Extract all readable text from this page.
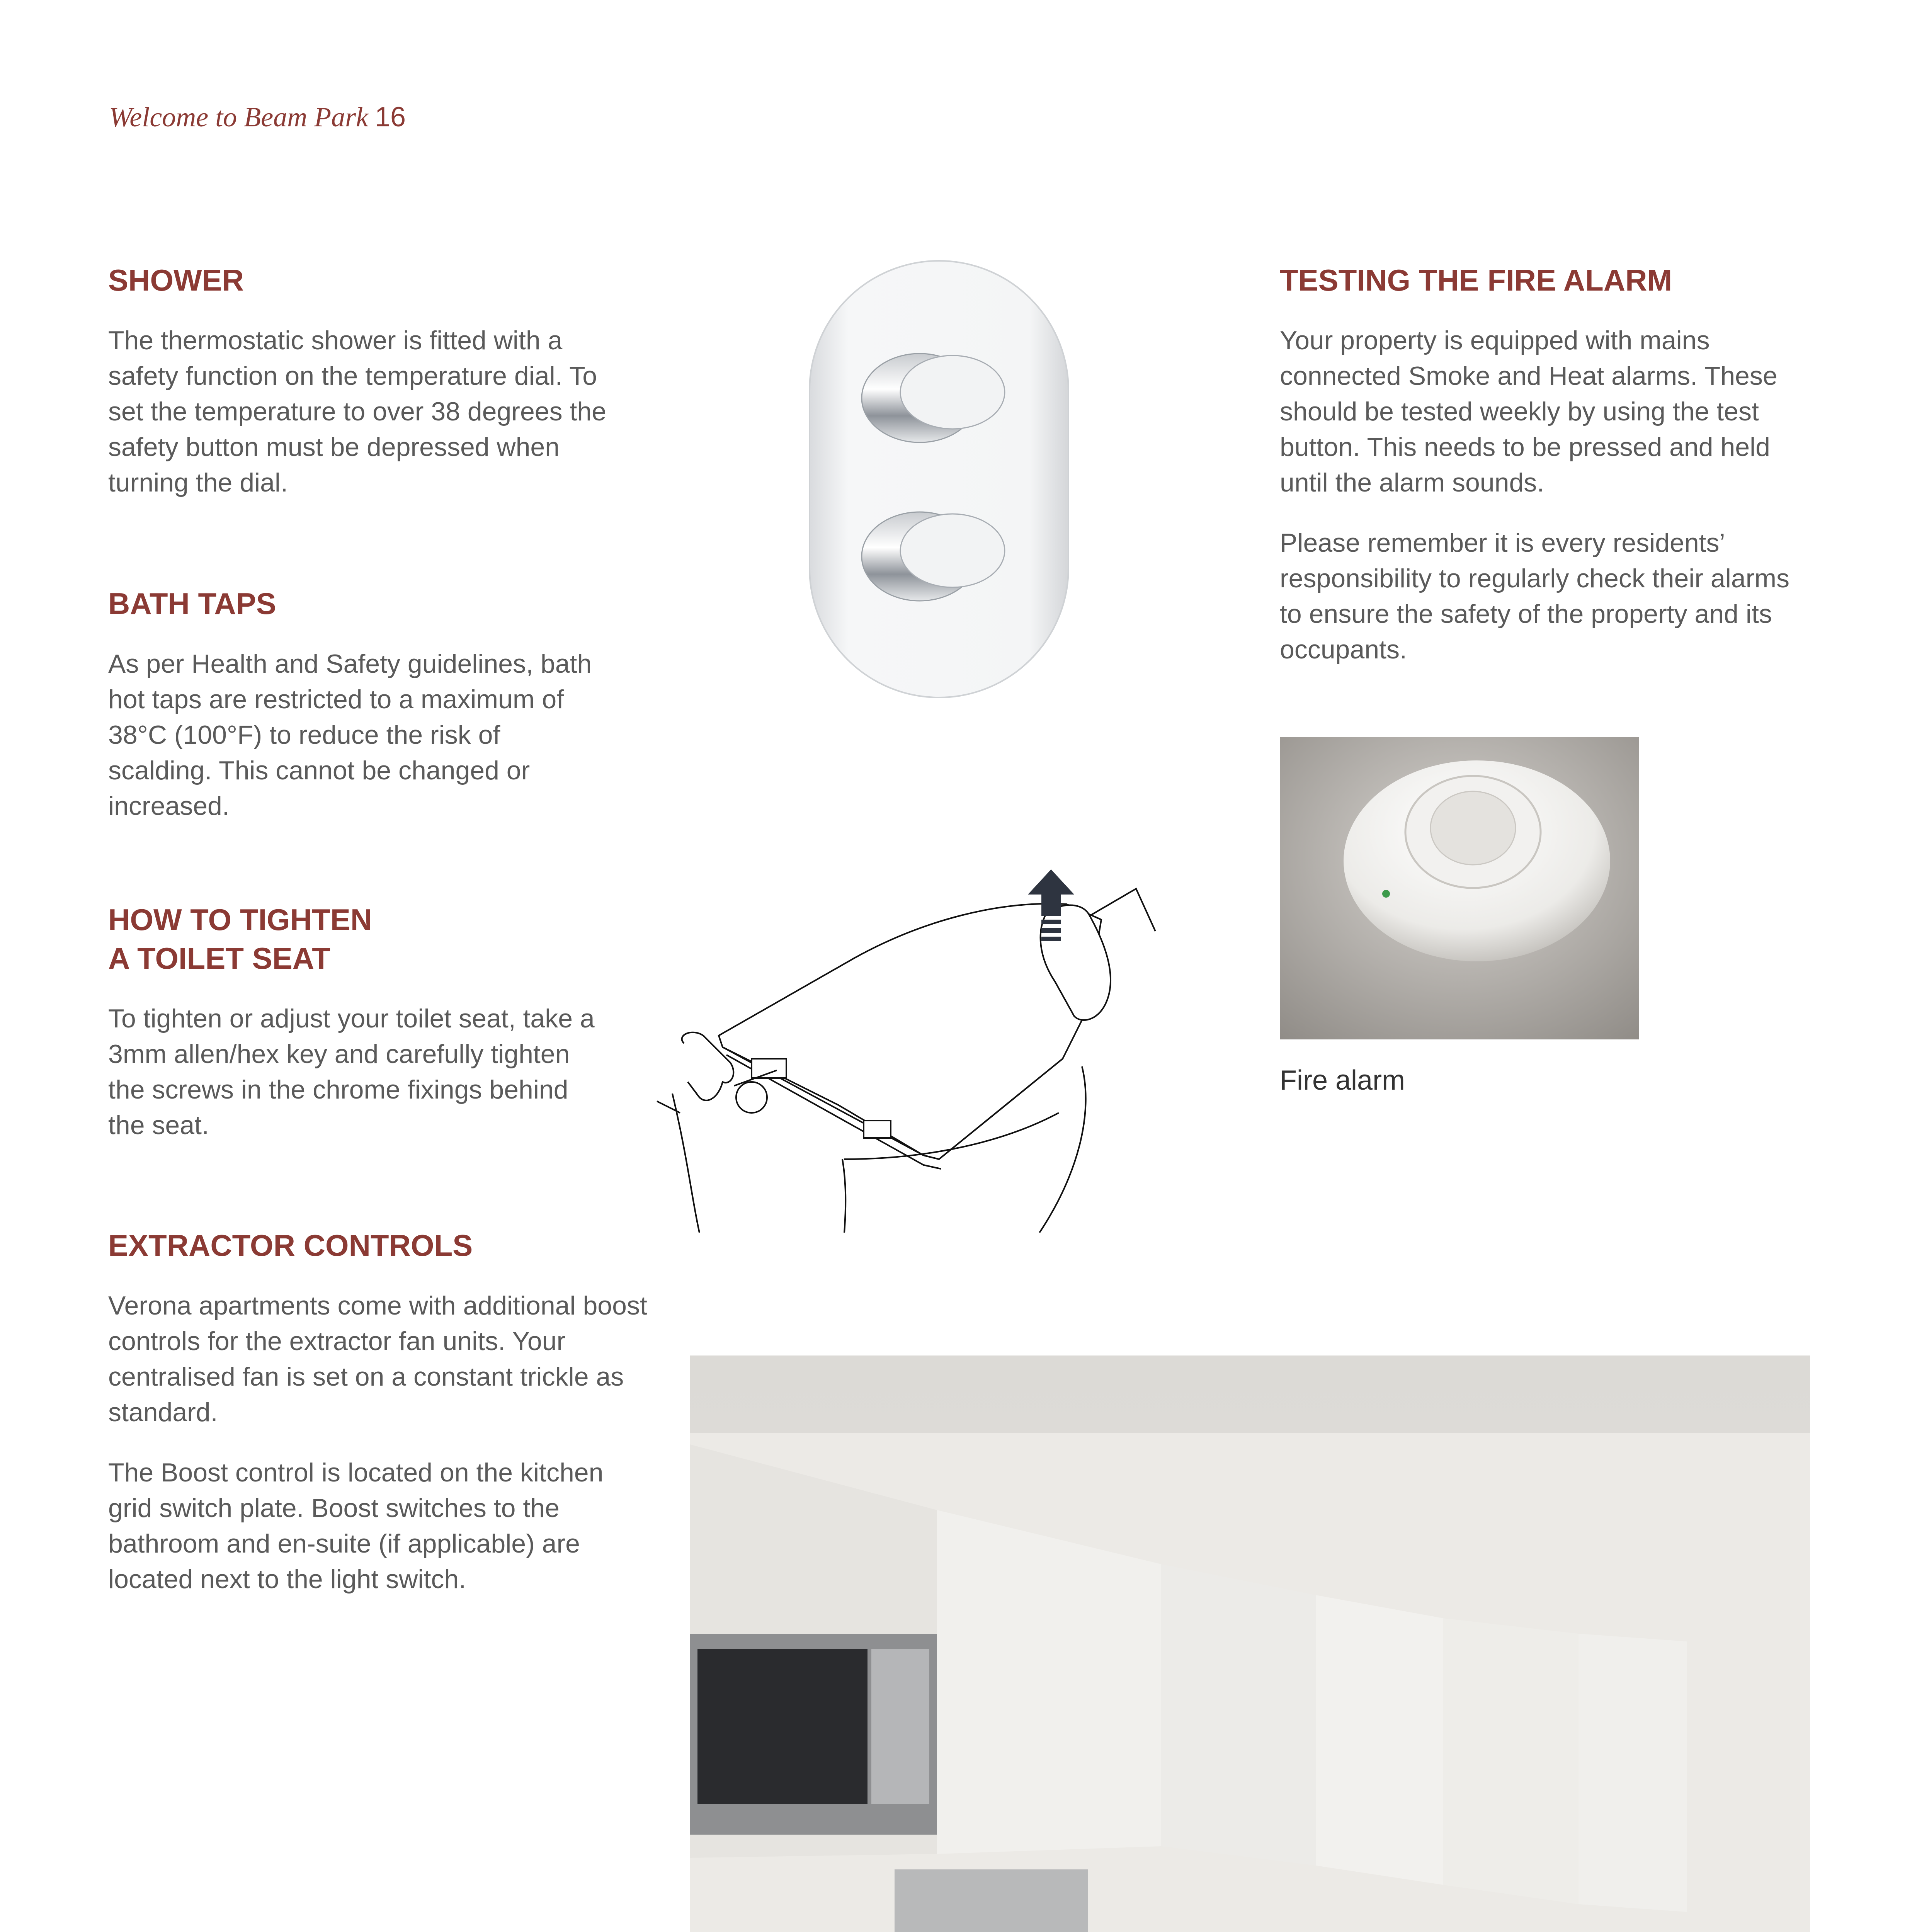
Welcome to Beam Park 16
SHOWER

The thermostatic shower is fitted with a safety function on the temperature dial. To set the temperature to over 38 degrees the safety button must be depressed when turning the dial.

BATH TAPS

As per Health and Safety guidelines, bath hot taps are restricted to a maximum of 38°C (100°F) to reduce the risk of scalding. This cannot be changed or increased.

HOW TO TIGHTEN
A TOILET SEAT

To tighten or adjust your toilet seat, take a 3mm allen/hex key and carefully tighten the screws in the chrome fixings behind the seat.

EXTRACTOR CONTROLS

Verona apartments come with additional boost controls for the extractor fan units. Your centralised fan is set on a constant trickle as standard.

The Boost control is located on the kitchen grid switch plate. Boost switches to the bathroom and en-suite (if applicable) are located next to the light switch.

TESTING THE FIRE ALARM

Your property is equipped with mains connected Smoke and Heat alarms. These should be tested weekly by using the test button. This needs to be pressed and held until the alarm sounds.

Please remember it is every residents’ responsibility to regularly check their alarms to ensure the safety of the property and its occupants.

Fire alarm
